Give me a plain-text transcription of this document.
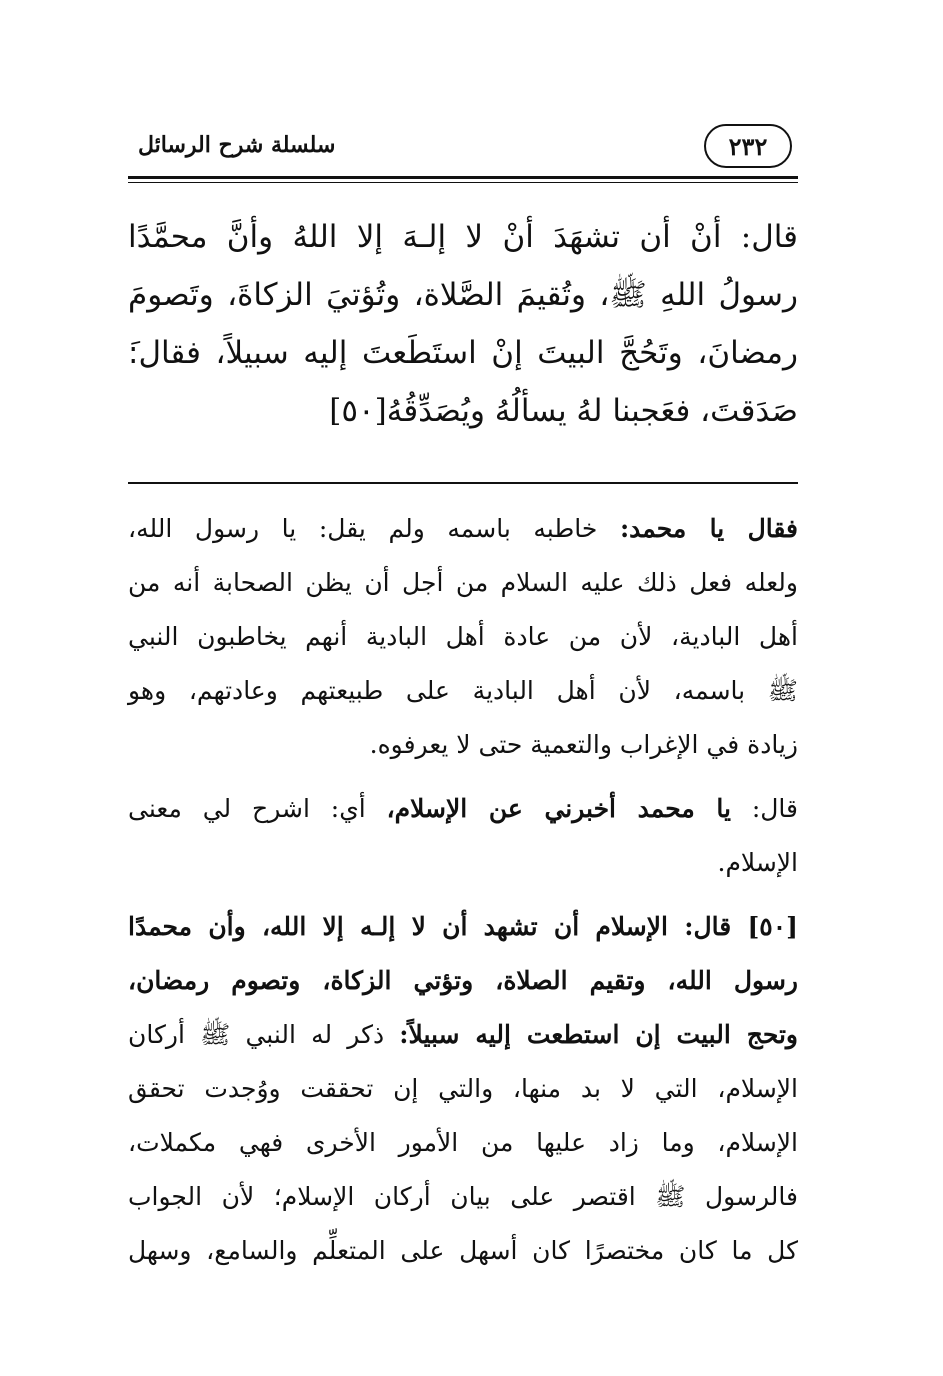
سلسلة شرح الرسائل	٢٣٢
قال: أنْ أن تشهَدَ أنْ لا إلـهَ إلا اللهُ وأنَّ محمَّدًا
رسولُ اللهِ ﷺ، وتُقيمَ الصَّلاة، وتُؤتيَ الزكاةَ، وتَصومَ
رمضانَ، وتَحُجَّ البيتَ إنْ استَطَعتَ إليه سبيلاً، فقال:َ
صَدَقتَ، فعَجبنا لهُ يسألُهُ ويُصَدِّقُهُ[٥٠]
فقال يا محمد: خاطبه باسمه ولم يقل: يا رسول الله،
ولعله فعل ذلك عليه السلام من أجل أن يظن الصحابة أنه من
أهل البادية، لأن من عادة أهل البادية أنهم يخاطبون النبي
ﷺ باسمه، لأن أهل البادية على طبيعتهم وعادتهم، وهو
زيادة في الإغراب والتعمية حتى لا يعرفوه.
قال: يا محمد أخبرني عن الإسلام، أي: اشرح لي معنى
الإسلام.
[٥٠] قال: الإسلام أن تشهد أن لا إلـه إلا الله، وأن محمدًا
رسول الله، وتقيم الصلاة، وتؤتي الزكاة، وتصوم رمضان،
وتحج البيت إن استطعت إليه سبيلاً: ذكر له النبي ﷺ أركان
الإسلام، التي لا بد منها، والتي إن تحققت ووُجدت تحقق
الإسلام، وما زاد عليها من الأمور الأخرى فهي مكملات،
فالرسول ﷺ اقتصر على بيان أركان الإسلام؛ لأن الجواب
كل ما كان مختصرًا كان أسهل على المتعلِّم والسامع، وسهل
